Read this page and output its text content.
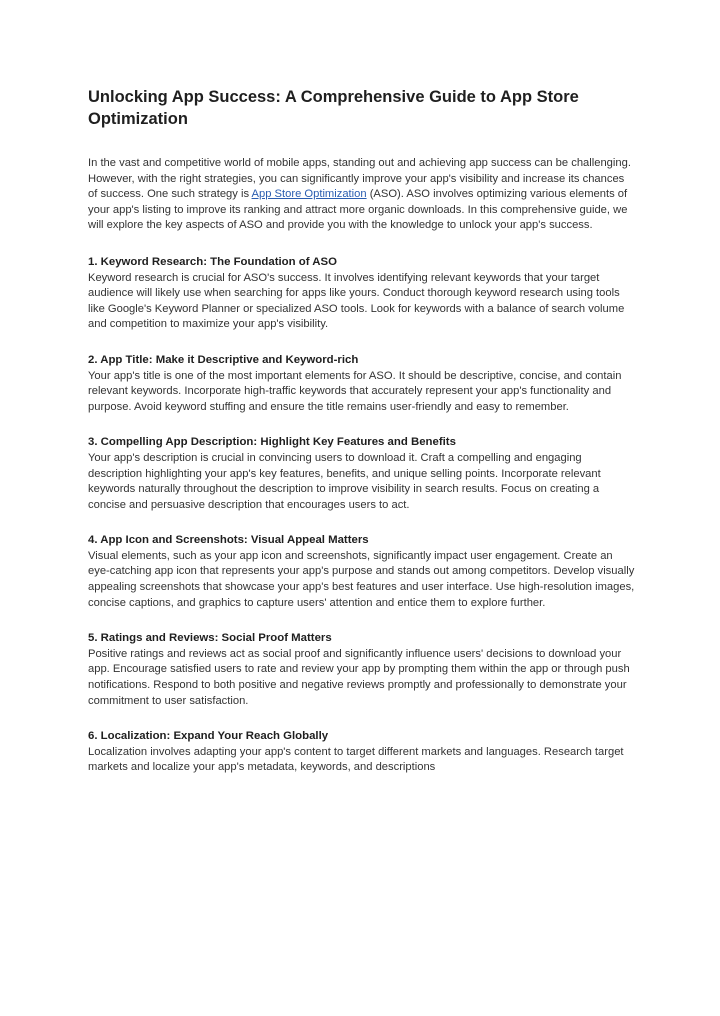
Unlocking App Success: A Comprehensive Guide to App Store Optimization

In the vast and competitive world of mobile apps, standing out and achieving app success can be challenging. However, with the right strategies, you can significantly improve your app's visibility and increase its chances of success. One such strategy is App Store Optimization (ASO). ASO involves optimizing various elements of your app's listing to improve its ranking and attract more organic downloads. In this comprehensive guide, we will explore the key aspects of ASO and provide you with the knowledge to unlock your app's success.

1. Keyword Research: The Foundation of ASO

Keyword research is crucial for ASO's success. It involves identifying relevant keywords that your target audience will likely use when searching for apps like yours. Conduct thorough keyword research using tools like Google's Keyword Planner or specialized ASO tools. Look for keywords with a balance of search volume and competition to maximize your app's visibility.

2. App Title: Make it Descriptive and Keyword-rich

Your app's title is one of the most important elements for ASO. It should be descriptive, concise, and contain relevant keywords. Incorporate high-traffic keywords that accurately represent your app's functionality and purpose. Avoid keyword stuffing and ensure the title remains user-friendly and easy to remember.

3. Compelling App Description: Highlight Key Features and Benefits

Your app's description is crucial in convincing users to download it. Craft a compelling and engaging description highlighting your app's key features, benefits, and unique selling points. Incorporate relevant keywords naturally throughout the description to improve visibility in search results. Focus on creating a concise and persuasive description that encourages users to act.

4. App Icon and Screenshots: Visual Appeal Matters

Visual elements, such as your app icon and screenshots, significantly impact user engagement. Create an eye-catching app icon that represents your app's purpose and stands out among competitors. Develop visually appealing screenshots that showcase your app's best features and user interface. Use high-resolution images, concise captions, and graphics to capture users' attention and entice them to explore further.

5. Ratings and Reviews: Social Proof Matters

Positive ratings and reviews act as social proof and significantly influence users' decisions to download your app. Encourage satisfied users to rate and review your app by prompting them within the app or through push notifications. Respond to both positive and negative reviews promptly and professionally to demonstrate your commitment to user satisfaction.

6. Localization: Expand Your Reach Globally

Localization involves adapting your app's content to target different markets and languages. Research target markets and localize your app's metadata, keywords, and descriptions
